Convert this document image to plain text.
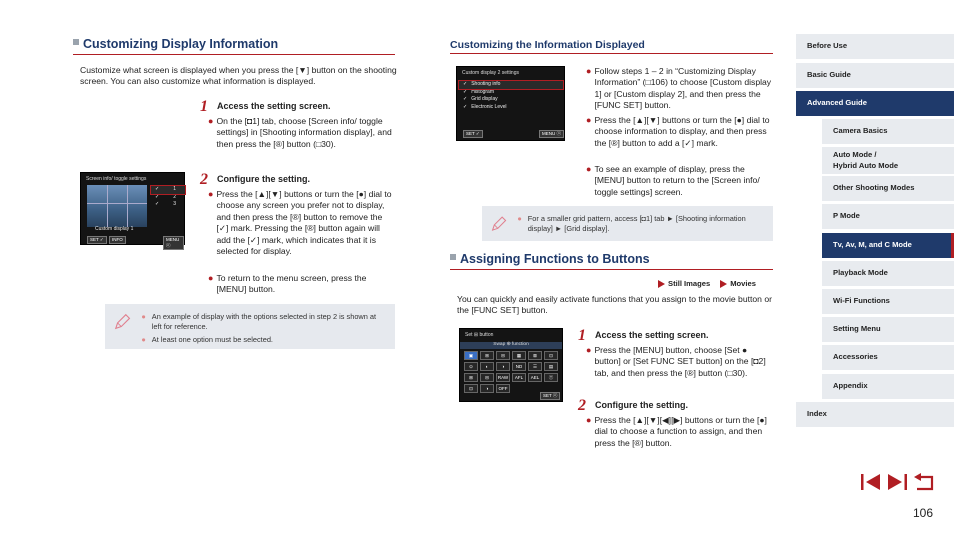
Customizing Display Information
Customize what screen is displayed when you press the [▼] button on the shooting screen. You can also customize what information is displayed.
1	Access the setting screen.
● On the [◘1] tab, choose [Screen info/ toggle settings] in [Shooting information display], and then press the [®] button (□30).
Screen info/ toggle settings
✓	1
✓	2
✓	3
Custom display 1
SET ✓	INFO	MENU ⓞ
2	Configure the setting.
● Press the [▲][▼] buttons or turn the [●] dial to choose any screen you prefer not to display, and then press the [®] button to remove the [✓] mark. Pressing the [®] button again will add the [✓] mark, which indicates that it is selected for display.
● To return to the menu screen, press the [MENU] button.
● An example of display with the options selected in step 2 is shown at left for reference.
● At least one option must be selected.
Customizing the Information Displayed
Custom display 2 settings
✓ Shooting info
✓ Histogram
✓ Grid display
✓ Electronic Level
SET ✓	MENU ⓞ
● Follow steps 1 – 2 in “Customizing Display Information” (□106) to choose [Custom display 1] or [Custom display 2], and then press the [FUNC SET] button.
● Press the [▲][▼] buttons or turn the [●] dial to choose information to display, and then press the [®] button to add a [✓] mark.
● To see an example of display, press the [MENU] button to return to the [Screen info/ toggle settings] screen.
● For a smaller grid pattern, access [◘1] tab ► [Shooting information display] ► [Grid display].
Assigning Functions to Buttons
Still Images	Movies
You can quickly and easily activate functions that you assign to the movie button or the [FUNC SET] button.
Set ⊞ button
Swap ⊕ function
▣	⊞	⊟	▦	⊠	⊡
⊙	◐	◑	ND	☰	▤
⊞	⊟	RAW	AFL	AEL	Ⓣ
⊡	◑	OFF
SET ⓞ
1	Access the setting screen.
● Press the [MENU] button, choose [Set ● button] or [Set FUNC SET button] on the [◘2] tab, and then press the [®] button (□30).
2	Configure the setting.
● Press the [▲][▼][◀][▶] buttons or turn the [●] dial to choose a function to assign, and then press the [®] button.
Before Use
Basic Guide
Advanced Guide
Camera Basics
Auto Mode /
Hybrid Auto Mode
Other Shooting Modes
P Mode
Tv, Av, M, and C Mode
Playback Mode
Wi-Fi Functions
Setting Menu
Accessories
Appendix
Index
106
